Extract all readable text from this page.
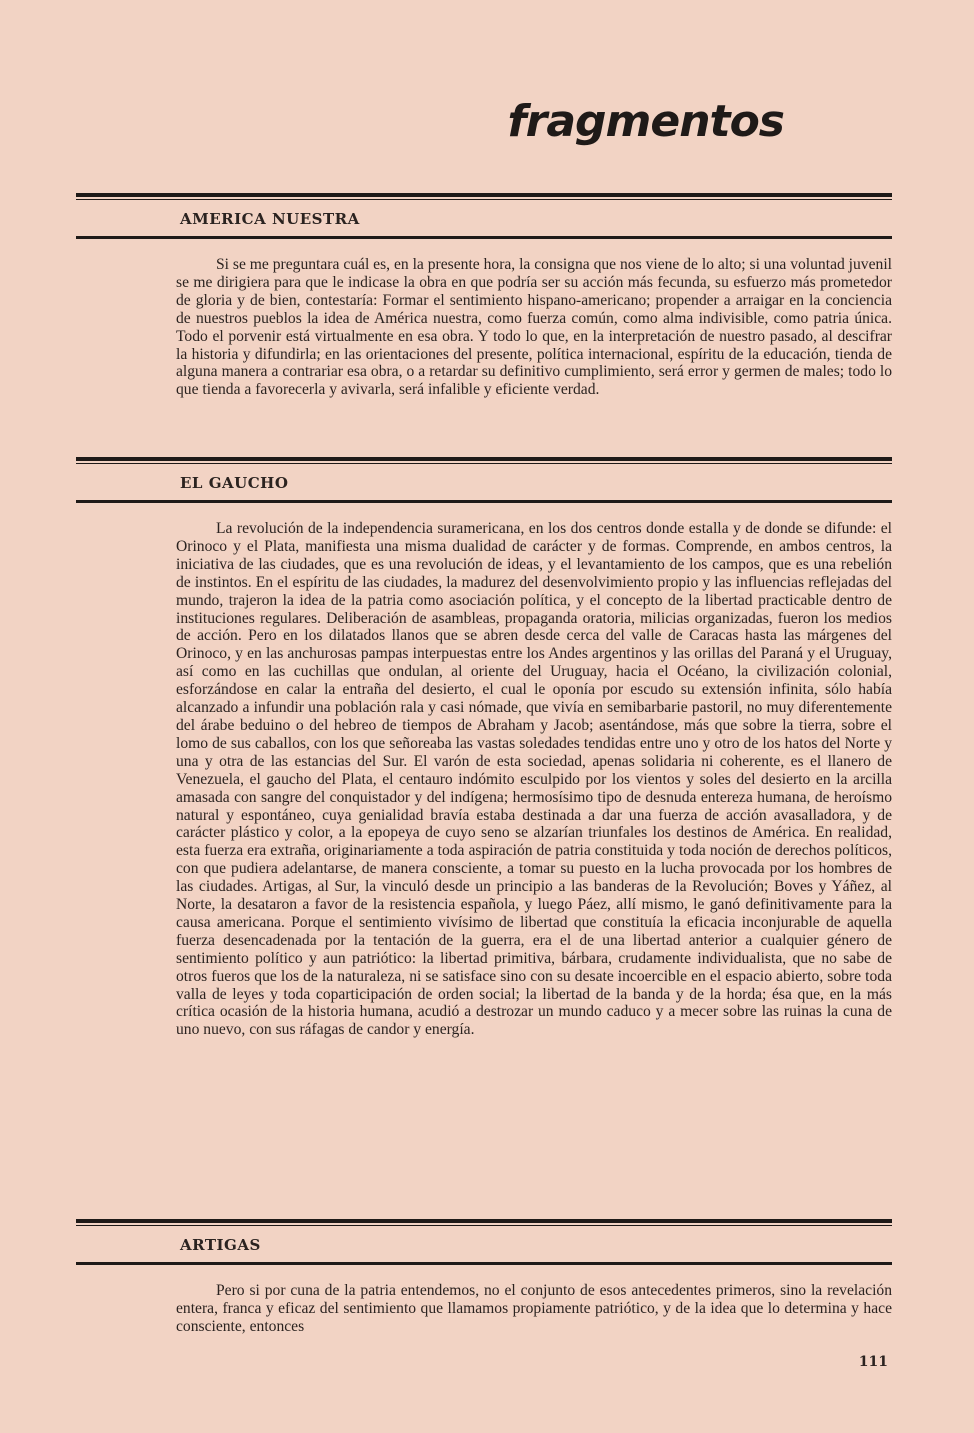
fragmentos
AMERICA NUESTRA

Si se me preguntara cuál es, en la presente hora, la consigna que nos viene de lo alto; si una voluntad juvenil se me dirigiera para que le indicase la obra en que podría ser su acción más fecunda, su esfuerzo más prometedor de gloria y de bien, contestaría: Formar el sentimiento hispano-americano; propender a arraigar en la conciencia de nuestros pueblos la idea de América nuestra, como fuerza común, como alma indivisible, como patria única. Todo el porvenir está virtualmente en esa obra. Y todo lo que, en la interpretación de nuestro pasado, al descifrar la historia y difundirla; en las orientaciones del presente, política internacional, espíritu de la educación, tienda de alguna manera a contrariar esa obra, o a retardar su definitivo cumplimiento, será error y germen de males; todo lo que tienda a favorecerla y avivarla, será infalible y eficiente verdad.

EL GAUCHO

La revolución de la independencia suramericana, en los dos centros donde estalla y de donde se difunde: el Orinoco y el Plata, manifiesta una misma dualidad de carácter y de formas. Comprende, en ambos centros, la iniciativa de las ciudades, que es una revolución de ideas, y el levantamiento de los campos, que es una rebelión de instintos. En el espíritu de las ciudades, la madurez del desenvolvimiento propio y las influencias reflejadas del mundo, trajeron la idea de la patria como asociación política, y el concepto de la libertad practicable dentro de instituciones regulares. Deliberación de asambleas, propaganda oratoria, milicias organizadas, fueron los medios de acción. Pero en los dilatados llanos que se abren desde cerca del valle de Caracas hasta las márgenes del Orinoco, y en las anchurosas pampas interpuestas entre los Andes argentinos y las orillas del Paraná y el Uruguay, así como en las cuchillas que ondulan, al oriente del Uruguay, hacia el Océano, la civilización colonial, esforzándose en calar la entraña del desierto, el cual le oponía por escudo su extensión infinita, sólo había alcanzado a infundir una población rala y casi nómade, que vivía en semibarbarie pastoril, no muy diferentemente del árabe beduino o del hebreo de tiempos de Abraham y Jacob; asentándose, más que sobre la tierra, sobre el lomo de sus caballos, con los que señoreaba las vastas soledades tendidas entre uno y otro de los hatos del Norte y una y otra de las estancias del Sur. El varón de esta sociedad, apenas solidaria ni coherente, es el llanero de Venezuela, el gaucho del Plata, el centauro indómito esculpido por los vientos y soles del desierto en la arcilla amasada con sangre del conquistador y del indígena; hermosísimo tipo de desnuda entereza humana, de heroísmo natural y espontáneo, cuya genialidad bravía estaba destinada a dar una fuerza de acción avasalladora, y de carácter plástico y color, a la epopeya de cuyo seno se alzarían triunfales los destinos de América. En realidad, esta fuerza era extraña, originariamente a toda aspiración de patria constituida y toda noción de derechos políticos, con que pudiera adelantarse, de manera consciente, a tomar su puesto en la lucha provocada por los hombres de las ciudades. Artigas, al Sur, la vinculó desde un principio a las banderas de la Revolución; Boves y Yáñez, al Norte, la desataron a favor de la resistencia española, y luego Páez, allí mismo, le ganó definitivamente para la causa americana. Porque el sentimiento vivísimo de libertad que constituía la eficacia inconjurable de aquella fuerza desencadenada por la tentación de la guerra, era el de una libertad anterior a cualquier género de sentimiento político y aun patriótico: la libertad primitiva, bárbara, crudamente individualista, que no sabe de otros fueros que los de la naturaleza, ni se satisface sino con su desate incoercible en el espacio abierto, sobre toda valla de leyes y toda coparticipación de orden social; la libertad de la banda y de la horda; ésa que, en la más crítica ocasión de la historia humana, acudió a destrozar un mundo caduco y a mecer sobre las ruinas la cuna de uno nuevo, con sus ráfagas de candor y energía.

ARTIGAS

Pero si por cuna de la patria entendemos, no el conjunto de esos antecedentes primeros, sino la revelación entera, franca y eficaz del sentimiento que llamamos propiamente patriótico, y de la idea que lo determina y hace consciente, entonces

111
